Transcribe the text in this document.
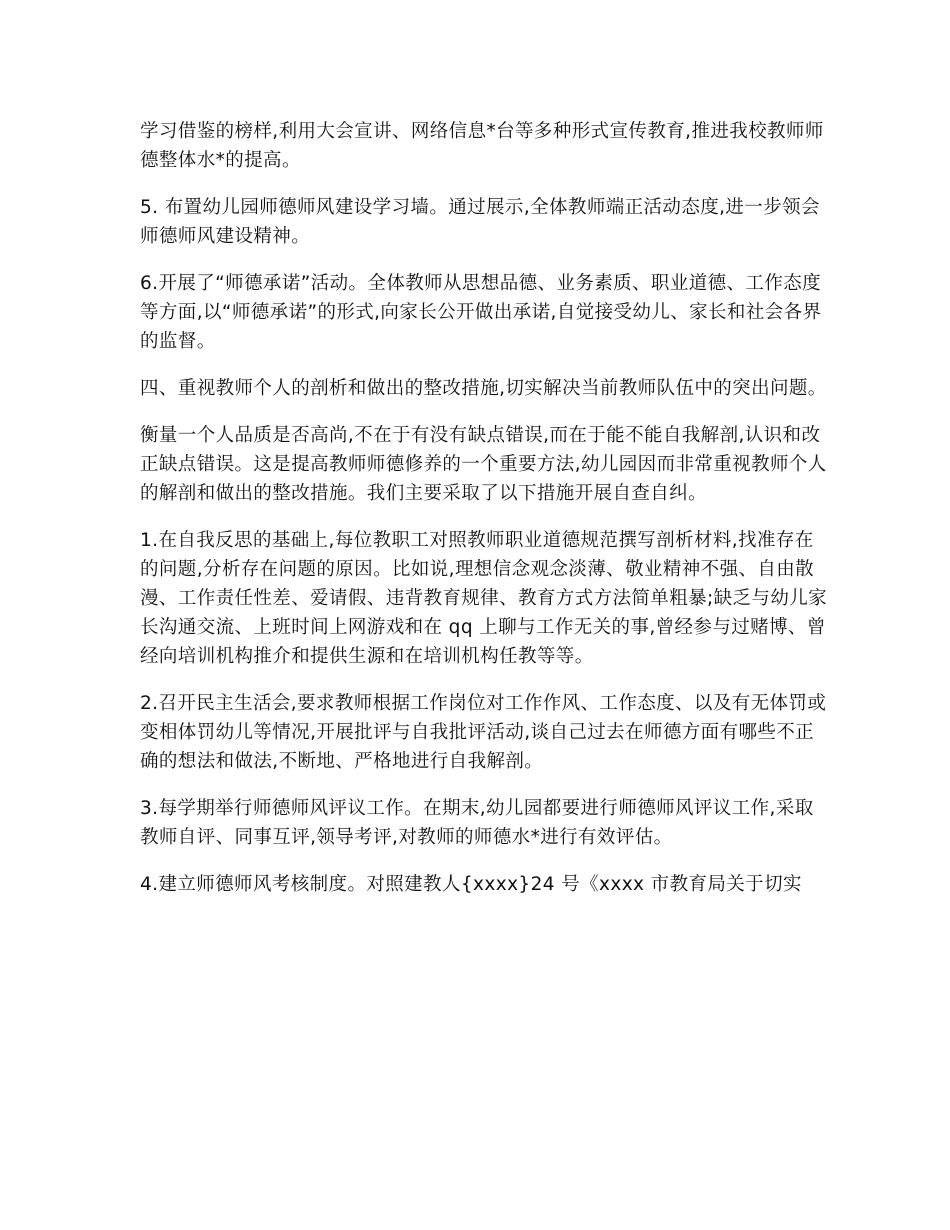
学习借鉴的榜样,利用大会宣讲、网络信息*台等多种形式宣传教育,推进我校教师师德整体水*的提高。

5. 布置幼儿园师德师风建设学习墙。通过展示,全体教师端正活动态度,进一步领会师德师风建设精神。

6.开展了“师德承诺”活动。全体教师从思想品德、业务素质、职业道德、工作态度等方面,以“师德承诺”的形式,向家长公开做出承诺,自觉接受幼儿、家长和社会各界的监督。

四、重视教师个人的剖析和做出的整改措施,切实解决当前教师队伍中的突出问题。

衡量一个人品质是否高尚,不在于有没有缺点错误,而在于能不能自我解剖,认识和改正缺点错误。这是提高教师师德修养的一个重要方法,幼儿园因而非常重视教师个人的解剖和做出的整改措施。我们主要采取了以下措施开展自查自纠。

1.在自我反思的基础上,每位教职工对照教师职业道德规范撰写剖析材料,找准存在的问题,分析存在问题的原因。比如说,理想信念观念淡薄、敬业精神不强、自由散漫、工作责任性差、爱请假、违背教育规律、教育方式方法简单粗暴;缺乏与幼儿家长沟通交流、上班时间上网游戏和在 qq 上聊与工作无关的事,曾经参与过赌博、曾经向培训机构推介和提供生源和在培训机构任教等等。

2.召开民主生活会,要求教师根据工作岗位对工作作风、工作态度、以及有无体罚或变相体罚幼儿等情况,开展批评与自我批评活动,谈自己过去在师德方面有哪些不正确的想法和做法,不断地、严格地进行自我解剖。

3.每学期举行师德师风评议工作。在期末,幼儿园都要进行师德师风评议工作,采取教师自评、同事互评,领导考评,对教师的师德水*进行有效评估。

4.建立师德师风考核制度。对照建教人{xxxx}24 号《xxxx 市教育局关于切实
